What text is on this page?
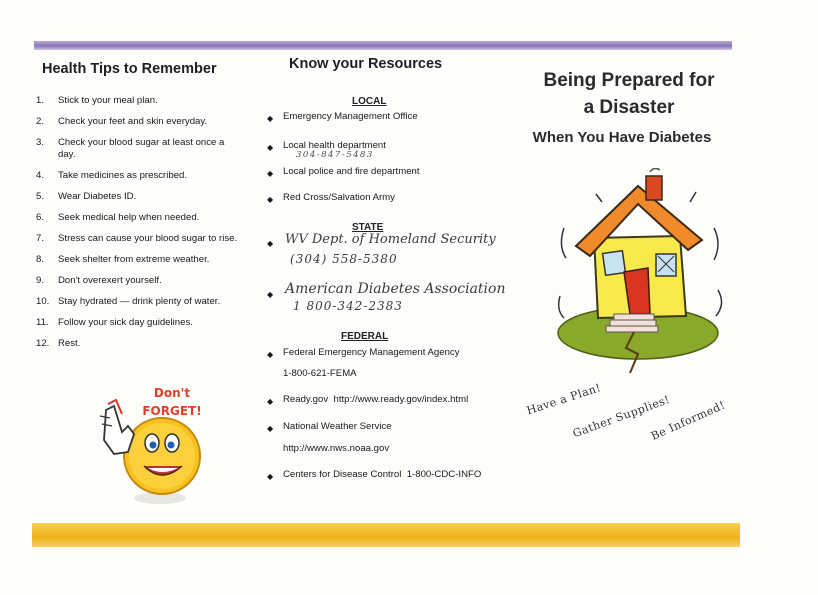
Health Tips to Remember
1.	Stick to your meal plan.
2.	Check your feet and skin everyday.
3.	Check your blood sugar at least once a day.
4.	Take medicines as prescribed.
5.	Wear Diabetes ID.
6.	Seek medical help when needed.
7.	Stress can cause your blood sugar to rise.
8.	Seek shelter from extreme weather.
9.	Don't overexert yourself.
10. Stay hydrated — drink plenty of water.
11. Follow your sick day guidelines.
12. Rest.
Don't FORGET!
Know your Resources
LOCAL
◆ Emergency Management Office
◆ Local health department
304-847-5483
◆ Local police and fire department
◆ Red Cross/Salvation Army
STATE
◆ WV Dept. of Homeland Security
(304) 558-5380
◆ American Diabetes Association
1 800-342-2383
FEDERAL
◆ Federal Emergency Management Agency
1-800-621-FEMA
◆ Ready.gov  http://www.ready.gov/index.html
◆ National Weather Service
http://www.nws.noaa.gov
◆ Centers for Disease Control  1-800-CDC-INFO
Being Prepared for
a Disaster
When You Have Diabetes
Have a Plan!
Gather Supplies!
Be Informed!
